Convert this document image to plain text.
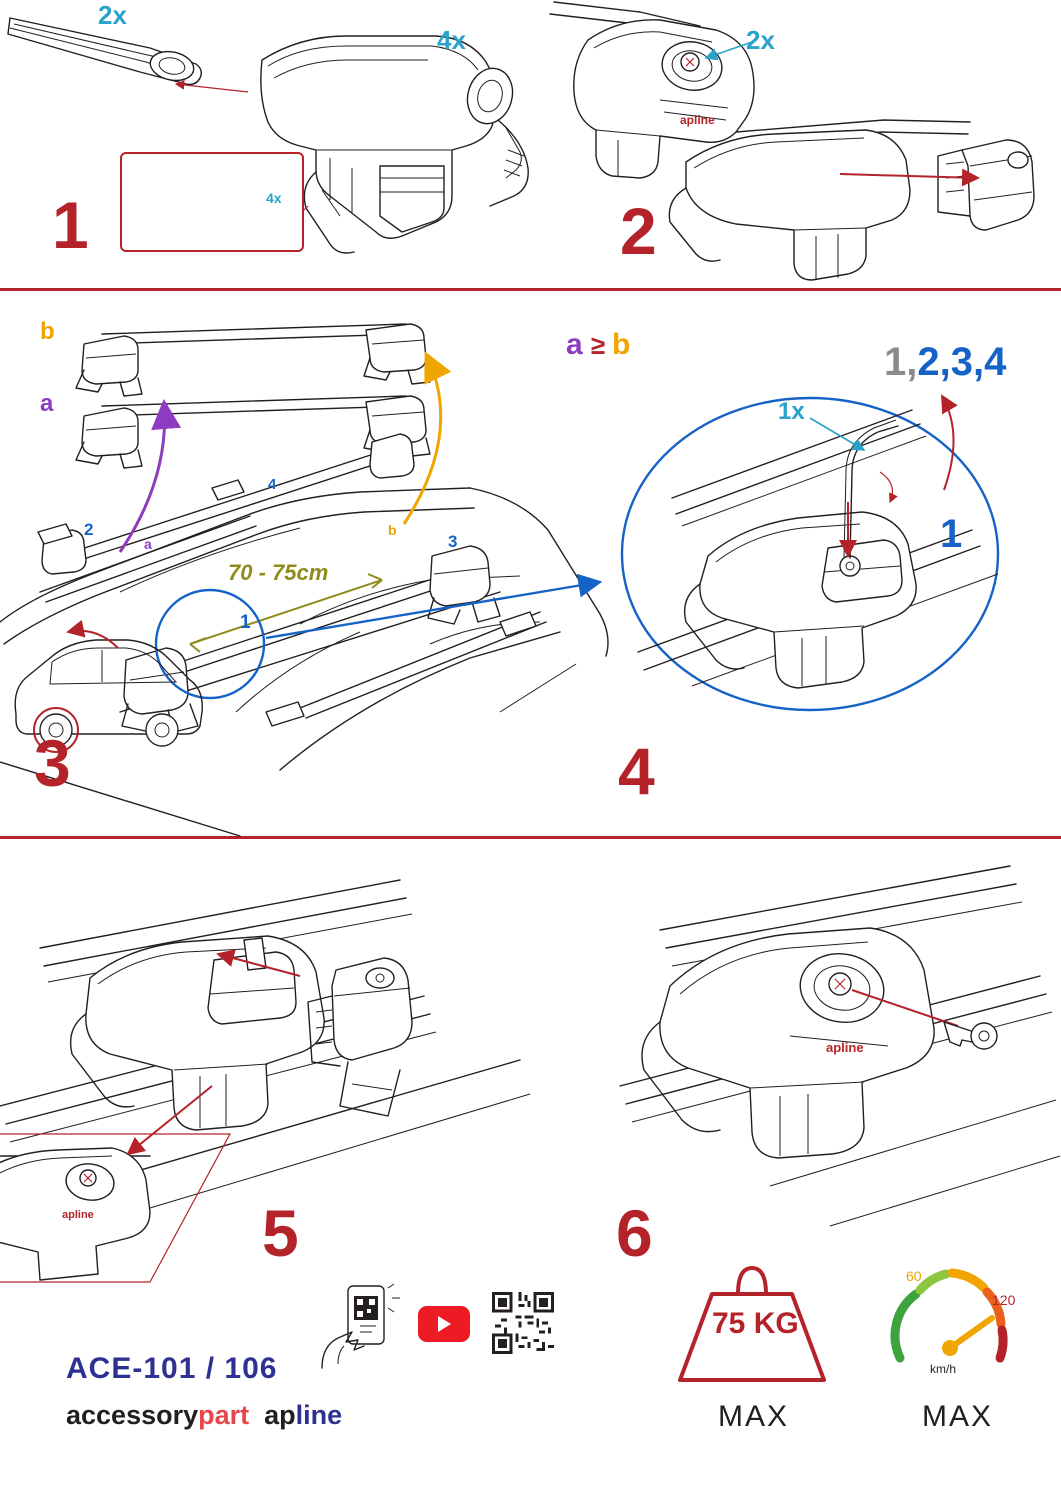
2x
4x
4x
1
apline
2x
2
b
a
a ≥ b
70 - 75cm
1
2
3
4
a
b
3
1x
1,2,3,4
1
4
apline	5
apline
6
ACE-101 / 106
accessorypart apline
75 KG
MAX
60
120
km/h
MAX
